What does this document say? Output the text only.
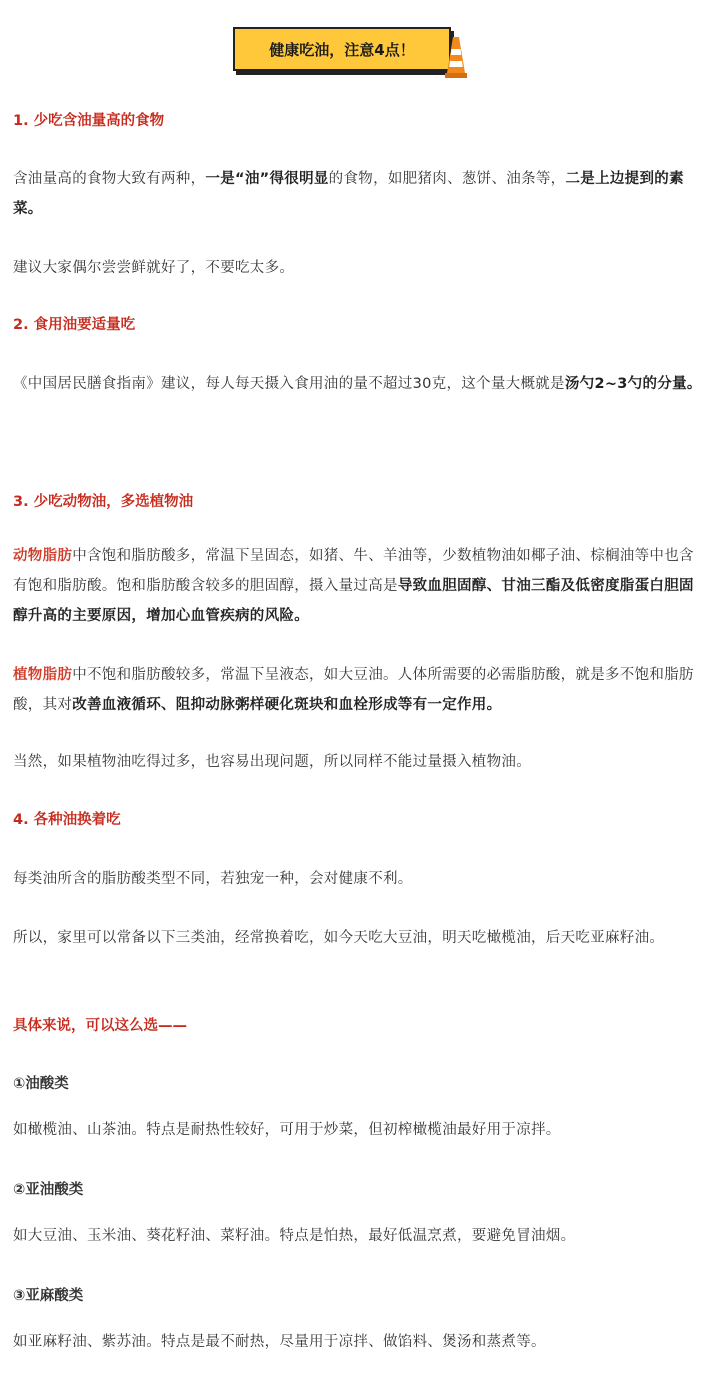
健康吃油，注意4点！

1. 少吃含油量高的食物

含油量高的食物大致有两种，一是“油”得很明显的食物，如肥猪肉、葱饼、油条等，二是上边提到的素菜。

建议大家偶尔尝尝鲜就好了，不要吃太多。

2. 食用油要适量吃

《中国居民膳食指南》建议，每人每天摄入食用油的量不超过30克，这个量大概就是汤勺2~3勺的分量。

3. 少吃动物油，多选植物油

动物脂肪中含饱和脂肪酸多，常温下呈固态，如猪、牛、羊油等，少数植物油如椰子油、棕榈油等中也含有饱和脂肪酸。饱和脂肪酸含较多的胆固醇，摄入量过高是导致血胆固醇、甘油三酯及低密度脂蛋白胆固醇升高的主要原因，增加心血管疾病的风险。

植物脂肪中不饱和脂肪酸较多，常温下呈液态，如大豆油。人体所需要的必需脂肪酸，就是多不饱和脂肪酸，其对改善血液循环、阻抑动脉粥样硬化斑块和血栓形成等有一定作用。

当然，如果植物油吃得过多，也容易出现问题，所以同样不能过量摄入植物油。

4. 各种油换着吃

每类油所含的脂肪酸类型不同，若独宠一种，会对健康不利。

所以，家里可以常备以下三类油，经常换着吃，如今天吃大豆油，明天吃橄榄油，后天吃亚麻籽油。

具体来说，可以这么选——

①油酸类

如橄榄油、山茶油。特点是耐热性较好，可用于炒菜，但初榨橄榄油最好用于凉拌。

②亚油酸类

如大豆油、玉米油、葵花籽油、菜籽油。特点是怕热，最好低温烹煮，要避免冒油烟。

③亚麻酸类

如亚麻籽油、紫苏油。特点是最不耐热，尽量用于凉拌、做馅料、煲汤和蒸煮等。
